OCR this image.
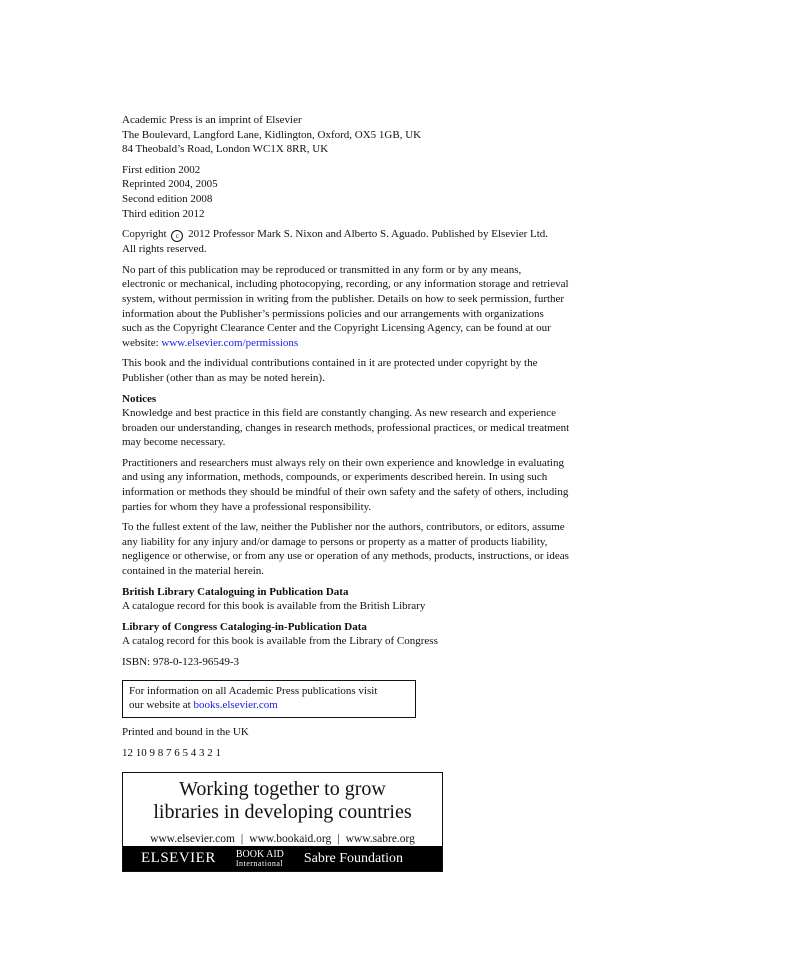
Academic Press is an imprint of Elsevier
The Boulevard, Langford Lane, Kidlington, Oxford, OX5 1GB, UK
84 Theobald’s Road, London WC1X 8RR, UK
First edition 2002
Reprinted 2004, 2005
Second edition 2008
Third edition 2012
Copyright c 2012 Professor Mark S. Nixon and Alberto S. Aguado. Published by Elsevier Ltd.
All rights reserved.
No part of this publication may be reproduced or transmitted in any form or by any means,
electronic or mechanical, including photocopying, recording, or any information storage and retrieval
system, without permission in writing from the publisher. Details on how to seek permission, further
information about the Publisher’s permissions policies and our arrangements with organizations
such as the Copyright Clearance Center and the Copyright Licensing Agency, can be found at our
website: www.elsevier.com/permissions
This book and the individual contributions contained in it are protected under copyright by the
Publisher (other than as may be noted herein).
Notices
Knowledge and best practice in this field are constantly changing. As new research and experience
broaden our understanding, changes in research methods, professional practices, or medical treatment
may become necessary.
Practitioners and researchers must always rely on their own experience and knowledge in evaluating
and using any information, methods, compounds, or experiments described herein. In using such
information or methods they should be mindful of their own safety and the safety of others, including
parties for whom they have a professional responsibility.
To the fullest extent of the law, neither the Publisher nor the authors, contributors, or editors, assume
any liability for any injury and/or damage to persons or property as a matter of products liability,
negligence or otherwise, or from any use or operation of any methods, products, instructions, or ideas
contained in the material herein.
British Library Cataloguing in Publication Data
A catalogue record for this book is available from the British Library
Library of Congress Cataloging-in-Publication Data
A catalog record for this book is available from the Library of Congress
ISBN: 978-0-123-96549-3
For information on all Academic Press publications visit
our website at books.elsevier.com
Printed and bound in the UK
12 10 9 8 7 6 5 4 3 2 1
Working together to grow
libraries in developing countries
www.elsevier.com | www.bookaid.org | www.sabre.org
ELSEVIER BOOK AID
International Sabre Foundation
